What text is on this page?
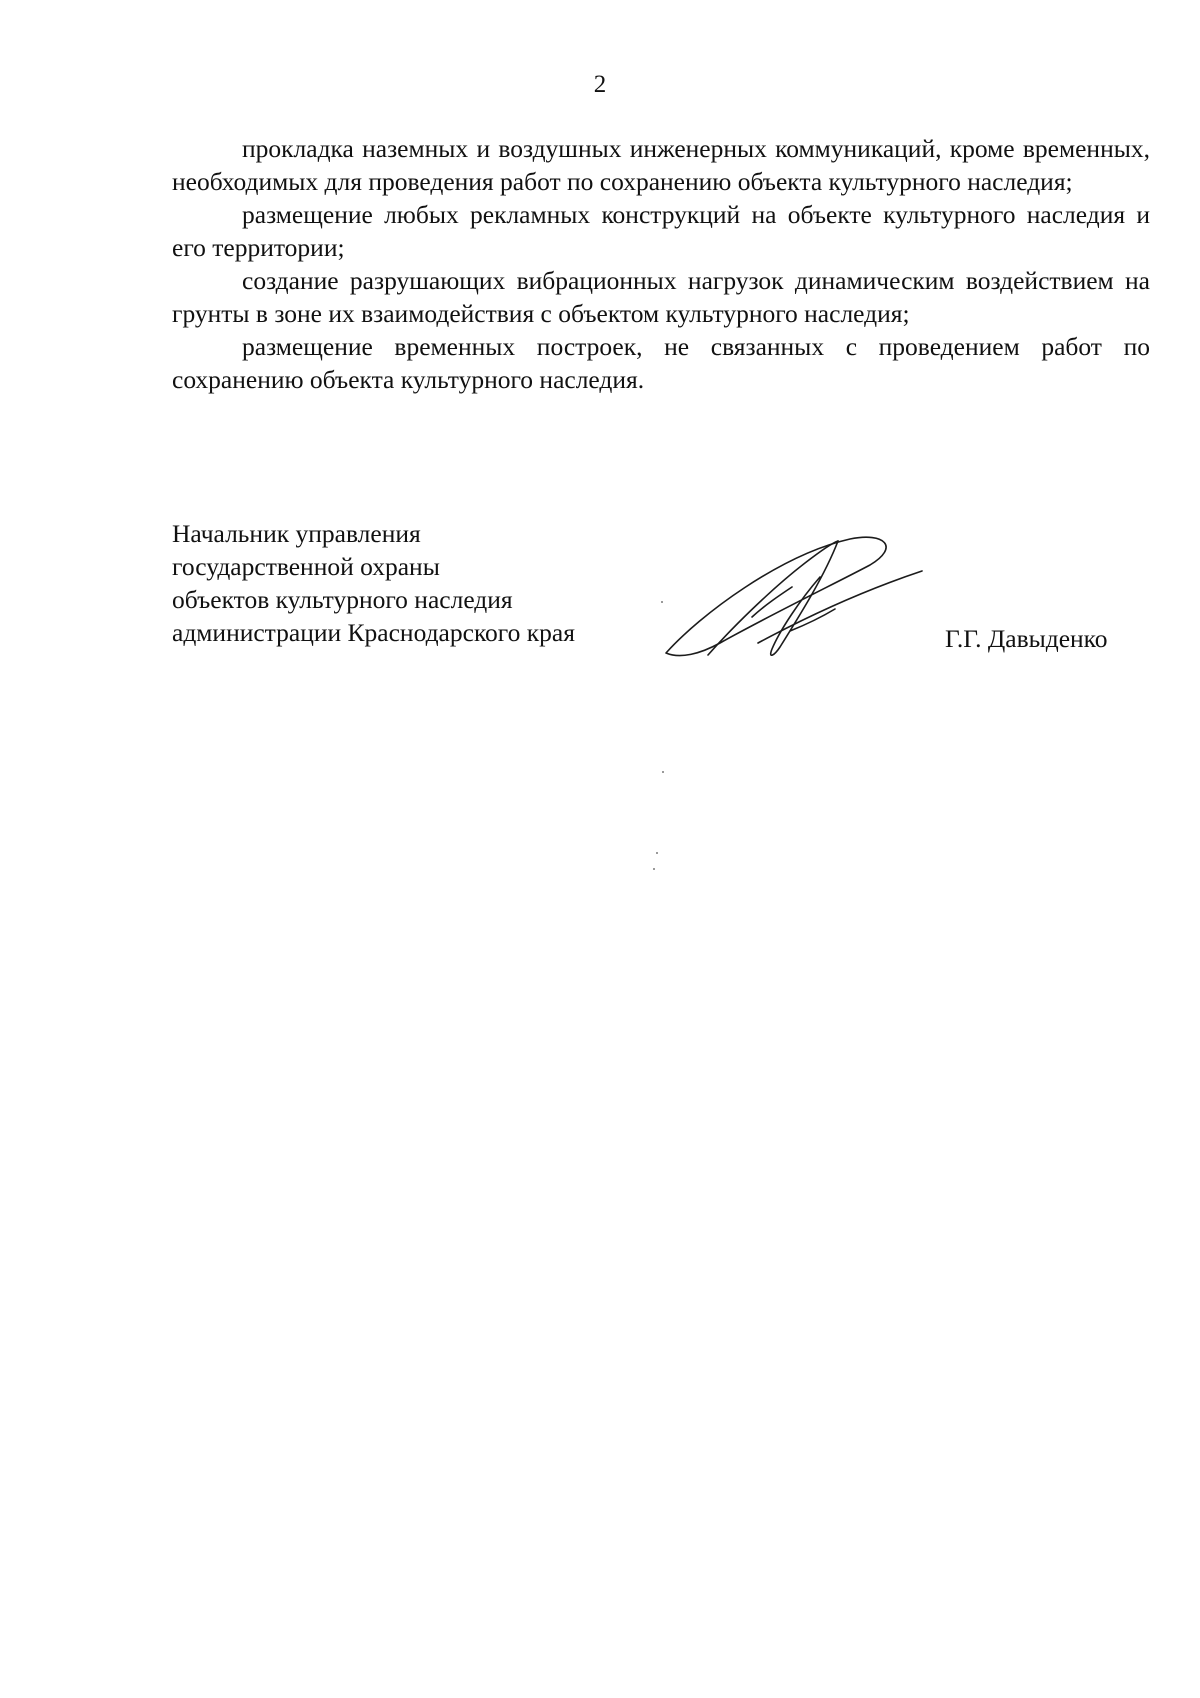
2

прокладка наземных и воздушных инженерных коммуникаций, кроме временных, необходимых для проведения работ по сохранению объекта культурного наследия;

размещение любых рекламных конструкций на объекте культурного наследия и его территории;

создание разрушающих вибрационных нагрузок динамическим воздействием на грунты в зоне их взаимодействия с объектом культурного наследия;

размещение временных построек, не связанных с проведением работ по сохранению объекта культурного наследия.

Начальник управления
государственной охраны
объектов культурного наследия
администрации Краснодарского края	Г.Г. Давыденко
